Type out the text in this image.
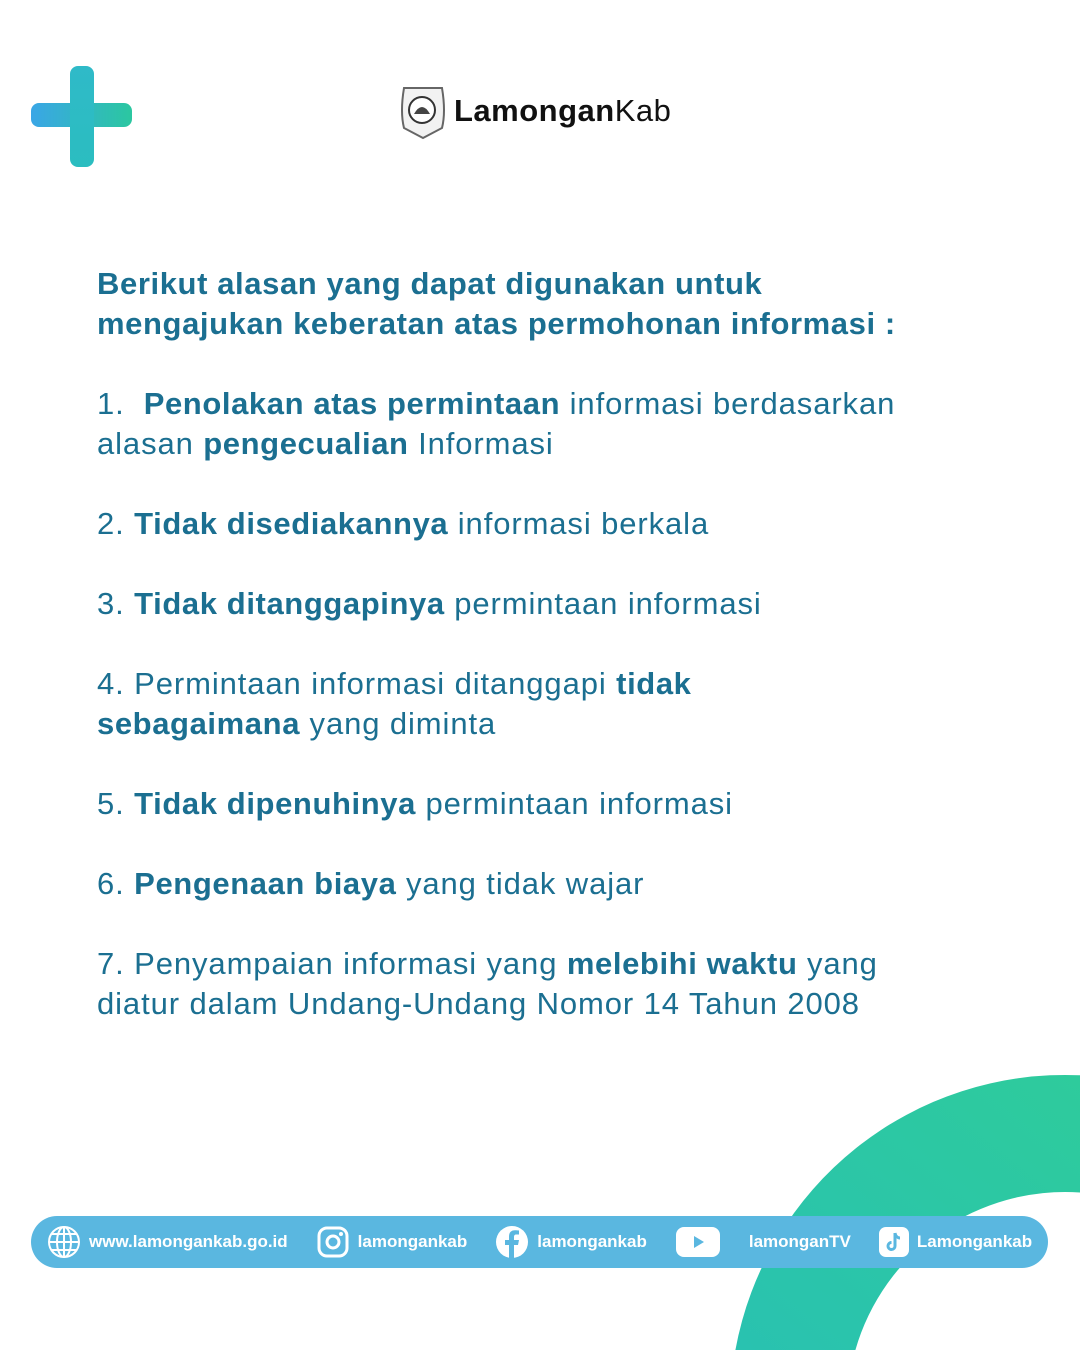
LamonganKab
Berikut alasan yang dapat digunakan untuk
mengajukan keberatan atas permohonan informasi :
1.  Penolakan atas permintaan informasi berdasarkan
alasan pengecualian Informasi
2. Tidak disediakannya informasi berkala
3. Tidak ditanggapinya permintaan informasi
4. Permintaan informasi ditanggapi tidak
sebagaimana yang diminta
5. Tidak dipenuhinya permintaan informasi
6. Pengenaan biaya yang tidak wajar
7. Penyampaian informasi yang melebihi waktu yang
diatur dalam Undang-Undang Nomor 14 Tahun 2008
www.lamongankab.go.id	lamongankab	lamongankab	lamonganTV	Lamongankab
